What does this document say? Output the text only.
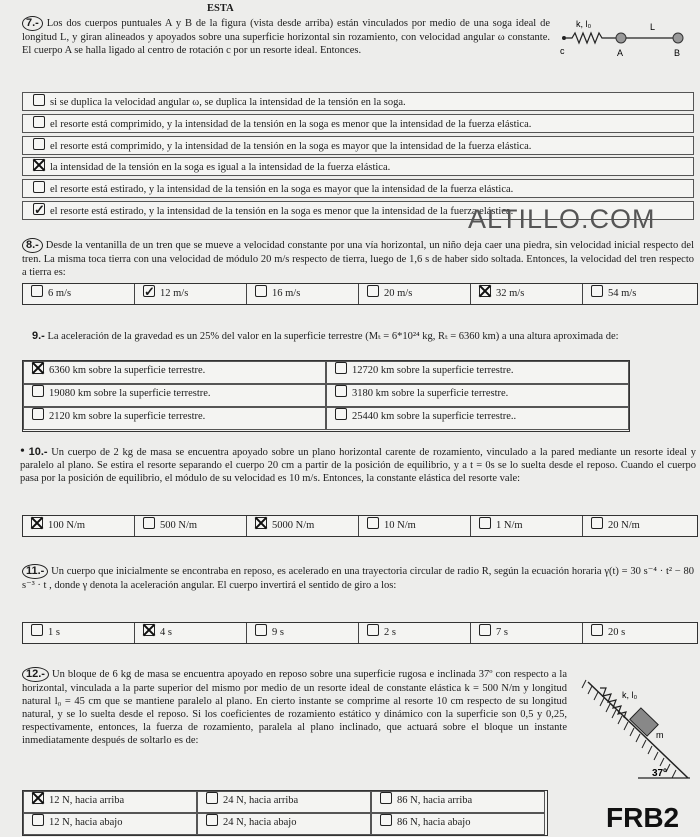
ESTA
7.- Los dos cuerpos puntuales A y B de la figura (vista desde arriba) están vinculados por medio de una soga ideal de longitud L, y giran alineados y apoyados sobre una superficie horizontal sin rozamiento, con velocidad angular ω constante. El cuerpo A se halla ligado al centro de rotación c por un resorte ideal. Entonces.
k, l₀	L
c	A	B
si se duplica la velocidad angular ω, se duplica la intensidad de la tensión en la soga.
el resorte está comprimido, y la intensidad de la tensión en la soga es menor que la intensidad de la fuerza elástica.
el resorte está comprimido, y la intensidad de la tensión en la soga es mayor que la intensidad de la fuerza elástica.
la intensidad de la tensión en la soga es igual a la intensidad de la fuerza elástica.
el resorte está estirado, y la intensidad de la tensión en la soga es mayor que la intensidad de la fuerza elástica.
✓el resorte está estirado, y la intensidad de la tensión en la soga es menor que la intensidad de la fuerza elástica.
ALTILLO.COM
8.- Desde la ventanilla de un tren que se mueve a velocidad constante por una vía horizontal, un niño deja caer una piedra, sin velocidad inicial respecto del tren. La misma toca tierra con una velocidad de módulo 20 m/s respecto de tierra, luego de 1,6 s de haber sido soltada. Entonces, la velocidad del tren respecto a tierra es:
6 m/s
✓	12 m/s	16 m/s	20 m/s	32 m/s	54 m/s
9.- La aceleración de la gravedad es un 25% del valor en la superficie terrestre (Mₜ = 6*10²⁴ kg, Rₜ = 6360 km) a una altura aproximada de:
6360 km sobre la superficie terrestre.	12720 km sobre la superficie terrestre.
19080 km sobre la superficie terrestre.	3180 km sobre la superficie terrestre.
2120 km sobre la superficie terrestre.	25440 km sobre la superficie terrestre..
• 10.- Un cuerpo de 2 kg de masa se encuentra apoyado sobre un plano horizontal carente de rozamiento, vinculado a la pared mediante un resorte ideal y paralelo al plano. Se estira el resorte separando el cuerpo 20 cm a partir de la posición de equilibrio, y a t = 0s se lo suelta desde el reposo. Cuando el cuerpo pasa por la posición de equilibrio, el módulo de su velocidad es 10 m/s. Entonces, la constante elástica del resorte vale:
100 N/m	500 N/m	5000 N/m	10 N/m	1 N/m	20 N/m
11.- Un cuerpo que inicialmente se encontraba en reposo, es acelerado en una trayectoria circular de radio R, según la ecuación horaria γ(t) = 30 s⁻⁴ · t² − 80 s⁻³ · t , donde γ denota la aceleración angular. El cuerpo invertirá el sentido de giro a los:
1 s	4 s	9 s	2 s	7 s	20 s
12.- Un bloque de 6 kg de masa se encuentra apoyado en reposo sobre una superficie rugosa e inclinada 37º con respecto a la horizontal, vinculada a la parte superior del mismo por medio de un resorte ideal de constante elástica k = 500 N/m y longitud natural l₀ = 45 cm que se mantiene paralelo al plano. En cierto instante se comprime al resorte 10 cm respecto de su longitud natural, y se lo suelta desde el reposo. Si los coeficientes de rozamiento estático y dinámico con la superficie son 0,5 y 0,25, respectivamente, entonces, la fuerza de rozamiento, paralela al plano inclinado, que actuará sobre el bloque un instante inmediatamente después de soltarlo es de:
k, l₀
m
37º
12 N, hacia arriba	24 N, hacia arriba	86 N, hacia arriba
12 N, hacia abajo	24 N, hacia abajo	86 N, hacia abajo	FRB2
